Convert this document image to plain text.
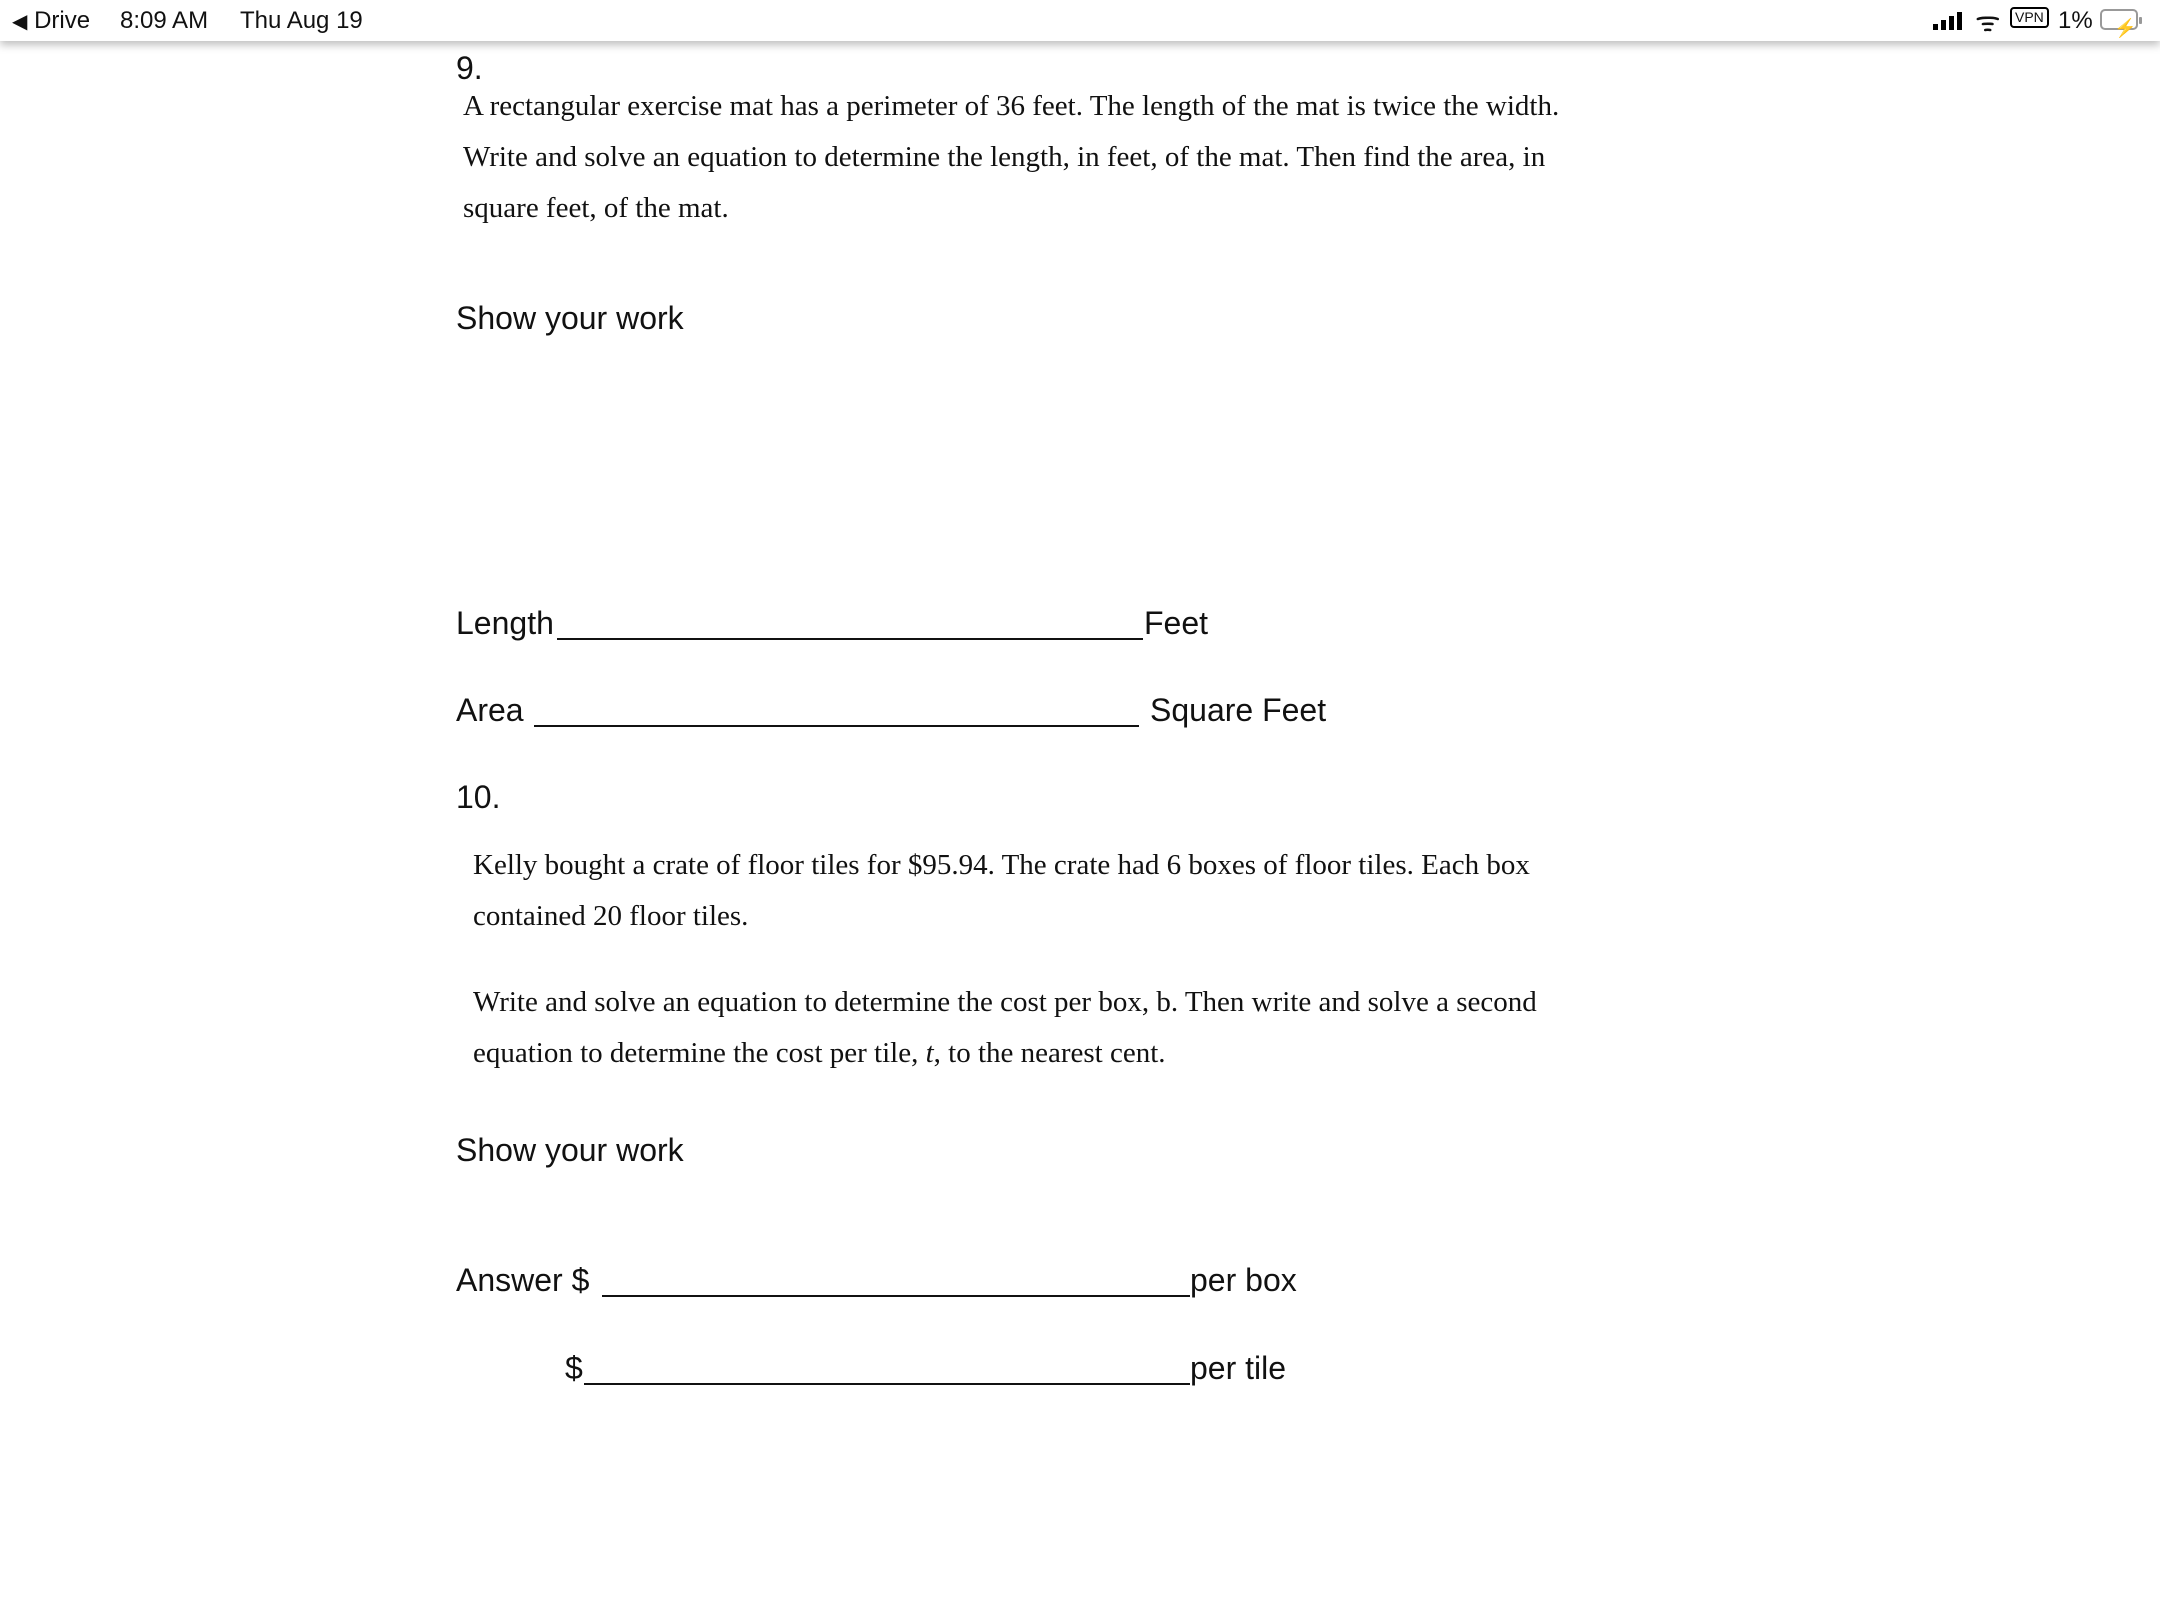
◀ Drive 8:09 AM Thu Aug 19	ᯤ	VPN 1% ⚡
9.
A rectangular exercise mat has a perimeter of 36 feet. The length of the mat is twice the width.
Write and solve an equation to determine the length, in feet, of the mat. Then find the area, in
square feet, of the mat.
Show your work
Length	Feet
Area	Square Feet
10.
Kelly bought a crate of floor tiles for $95.94. The crate had 6 boxes of floor tiles. Each box
contained 20 floor tiles.
Write and solve an equation to determine the cost per box, b. Then write and solve a second
equation to determine the cost per tile, t, to the nearest cent.
Show your work
Answer $	per box
$	per tile
